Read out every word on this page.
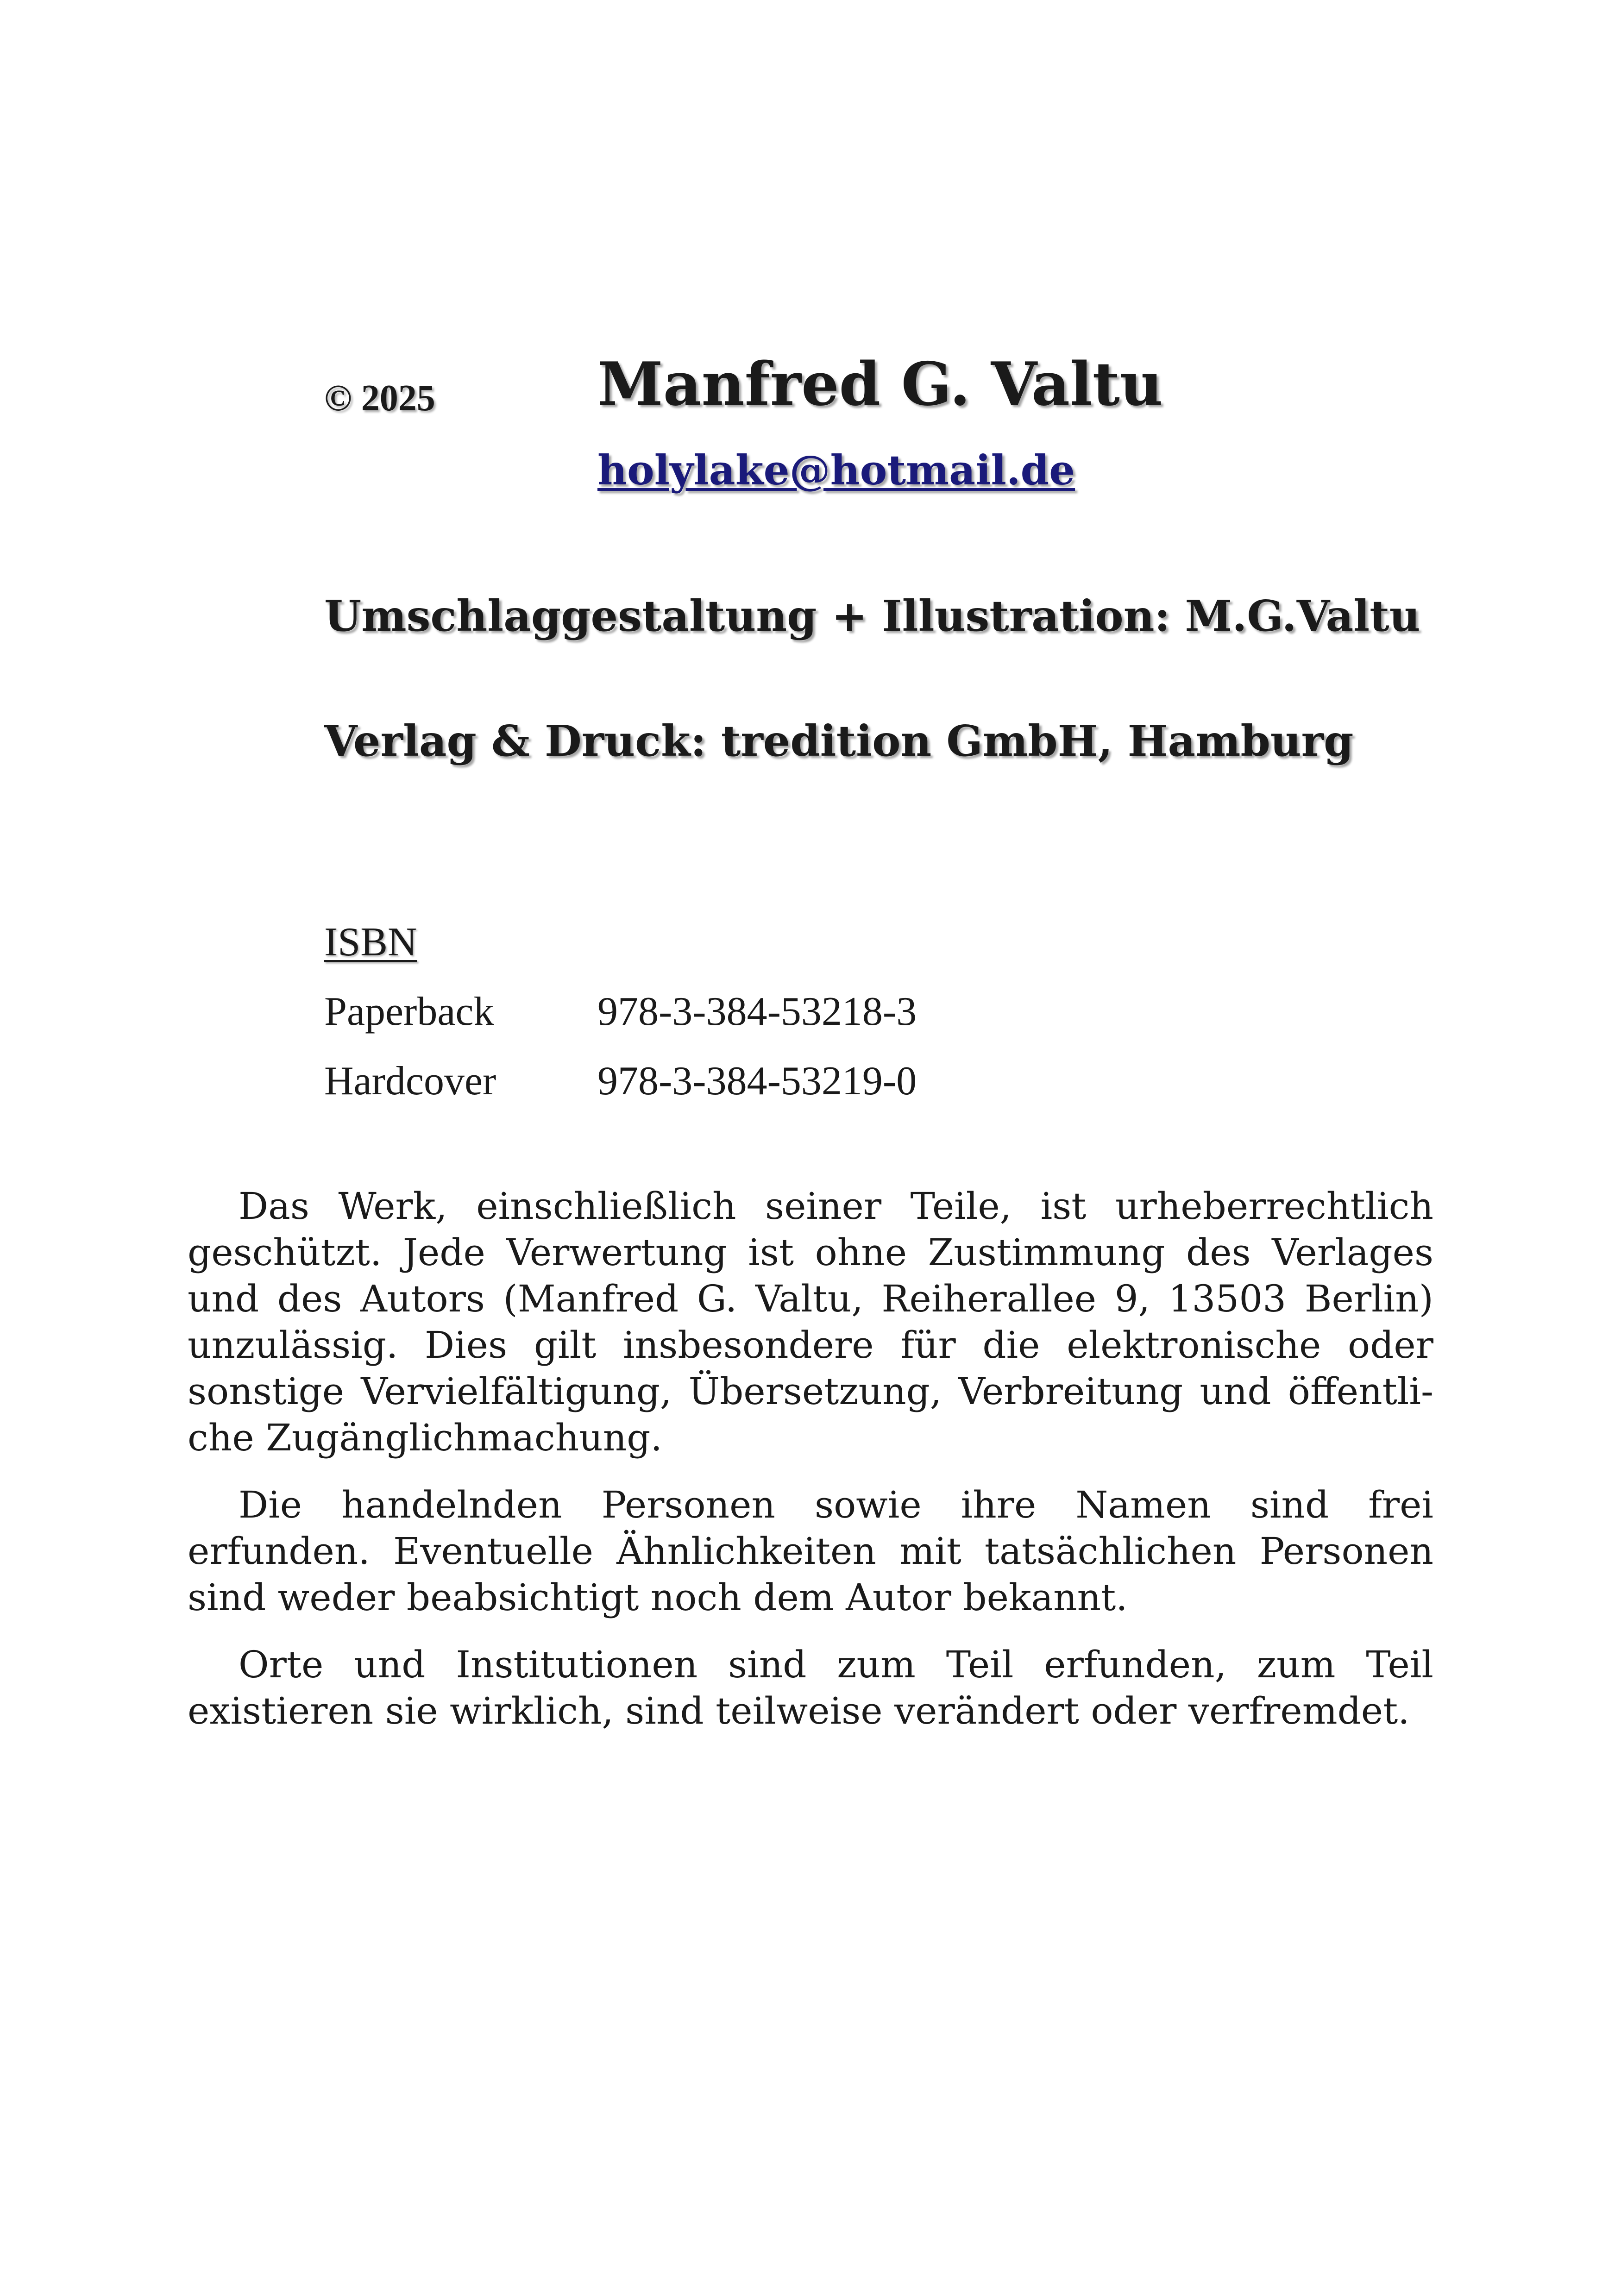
© 2025	Manfred G. Valtu
holylake@hotmail.de
Umschlaggestaltung + Illustration: M.G.Valtu
Verlag & Druck: tredition GmbH, Hamburg
ISBN
Paperback	978-3-384-53218-3
Hardcover	978-3-384-53219-0

Das Werk, einschließlich seiner Teile, ist urheberrechtlich geschützt. Jede Verwertung ist ohne Zustimmung des Verlages und des Autors (Manfred G. Valtu, Reiherallee 9, 13503 Berlin) unzulässig. Dies gilt insbesondere für die elektronische oder sonstige Vervielfältigung, Übersetzung, Verbreitung und öffentli-che Zugänglichmachung.

Die handelnden Personen sowie ihre Namen sind frei erfunden. Eventuelle Ähnlichkeiten mit tatsächlichen Personen sind weder beabsichtigt noch dem Autor bekannt.

Orte und Institutionen sind zum Teil erfunden, zum Teil existieren sie wirklich, sind teilweise verändert oder verfremdet.
